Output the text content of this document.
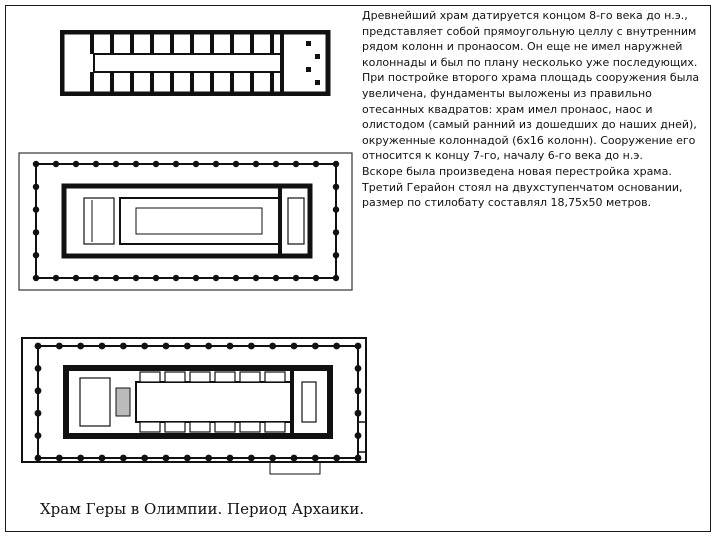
Древнейший храм датируется концом 8-го века до н.э., представляет собой прямоугольную целлу с внутренним рядом колонн и пронаосом. Он еще не имел наружней колоннады и был по плану несколько уже последующих.

При постройке второго храма площадь сооружения была увеличена, фундаменты выложены из правильно отесанных квадратов: храм имел пронаос, наос и олистодом (самый ранний из дошедших до наших дней), окруженные колоннадой (6x16 колонн). Сооружение его относится к концу 7-го, началу 6-го века до н.э.

Вскоре была произведена новая перестройка храма. Третий Герайон стоял на двухступенчатом основании, размер по стилобату составлял 18,75x50 метров.

Храм Геры в Олимпии. Период Архаики.
